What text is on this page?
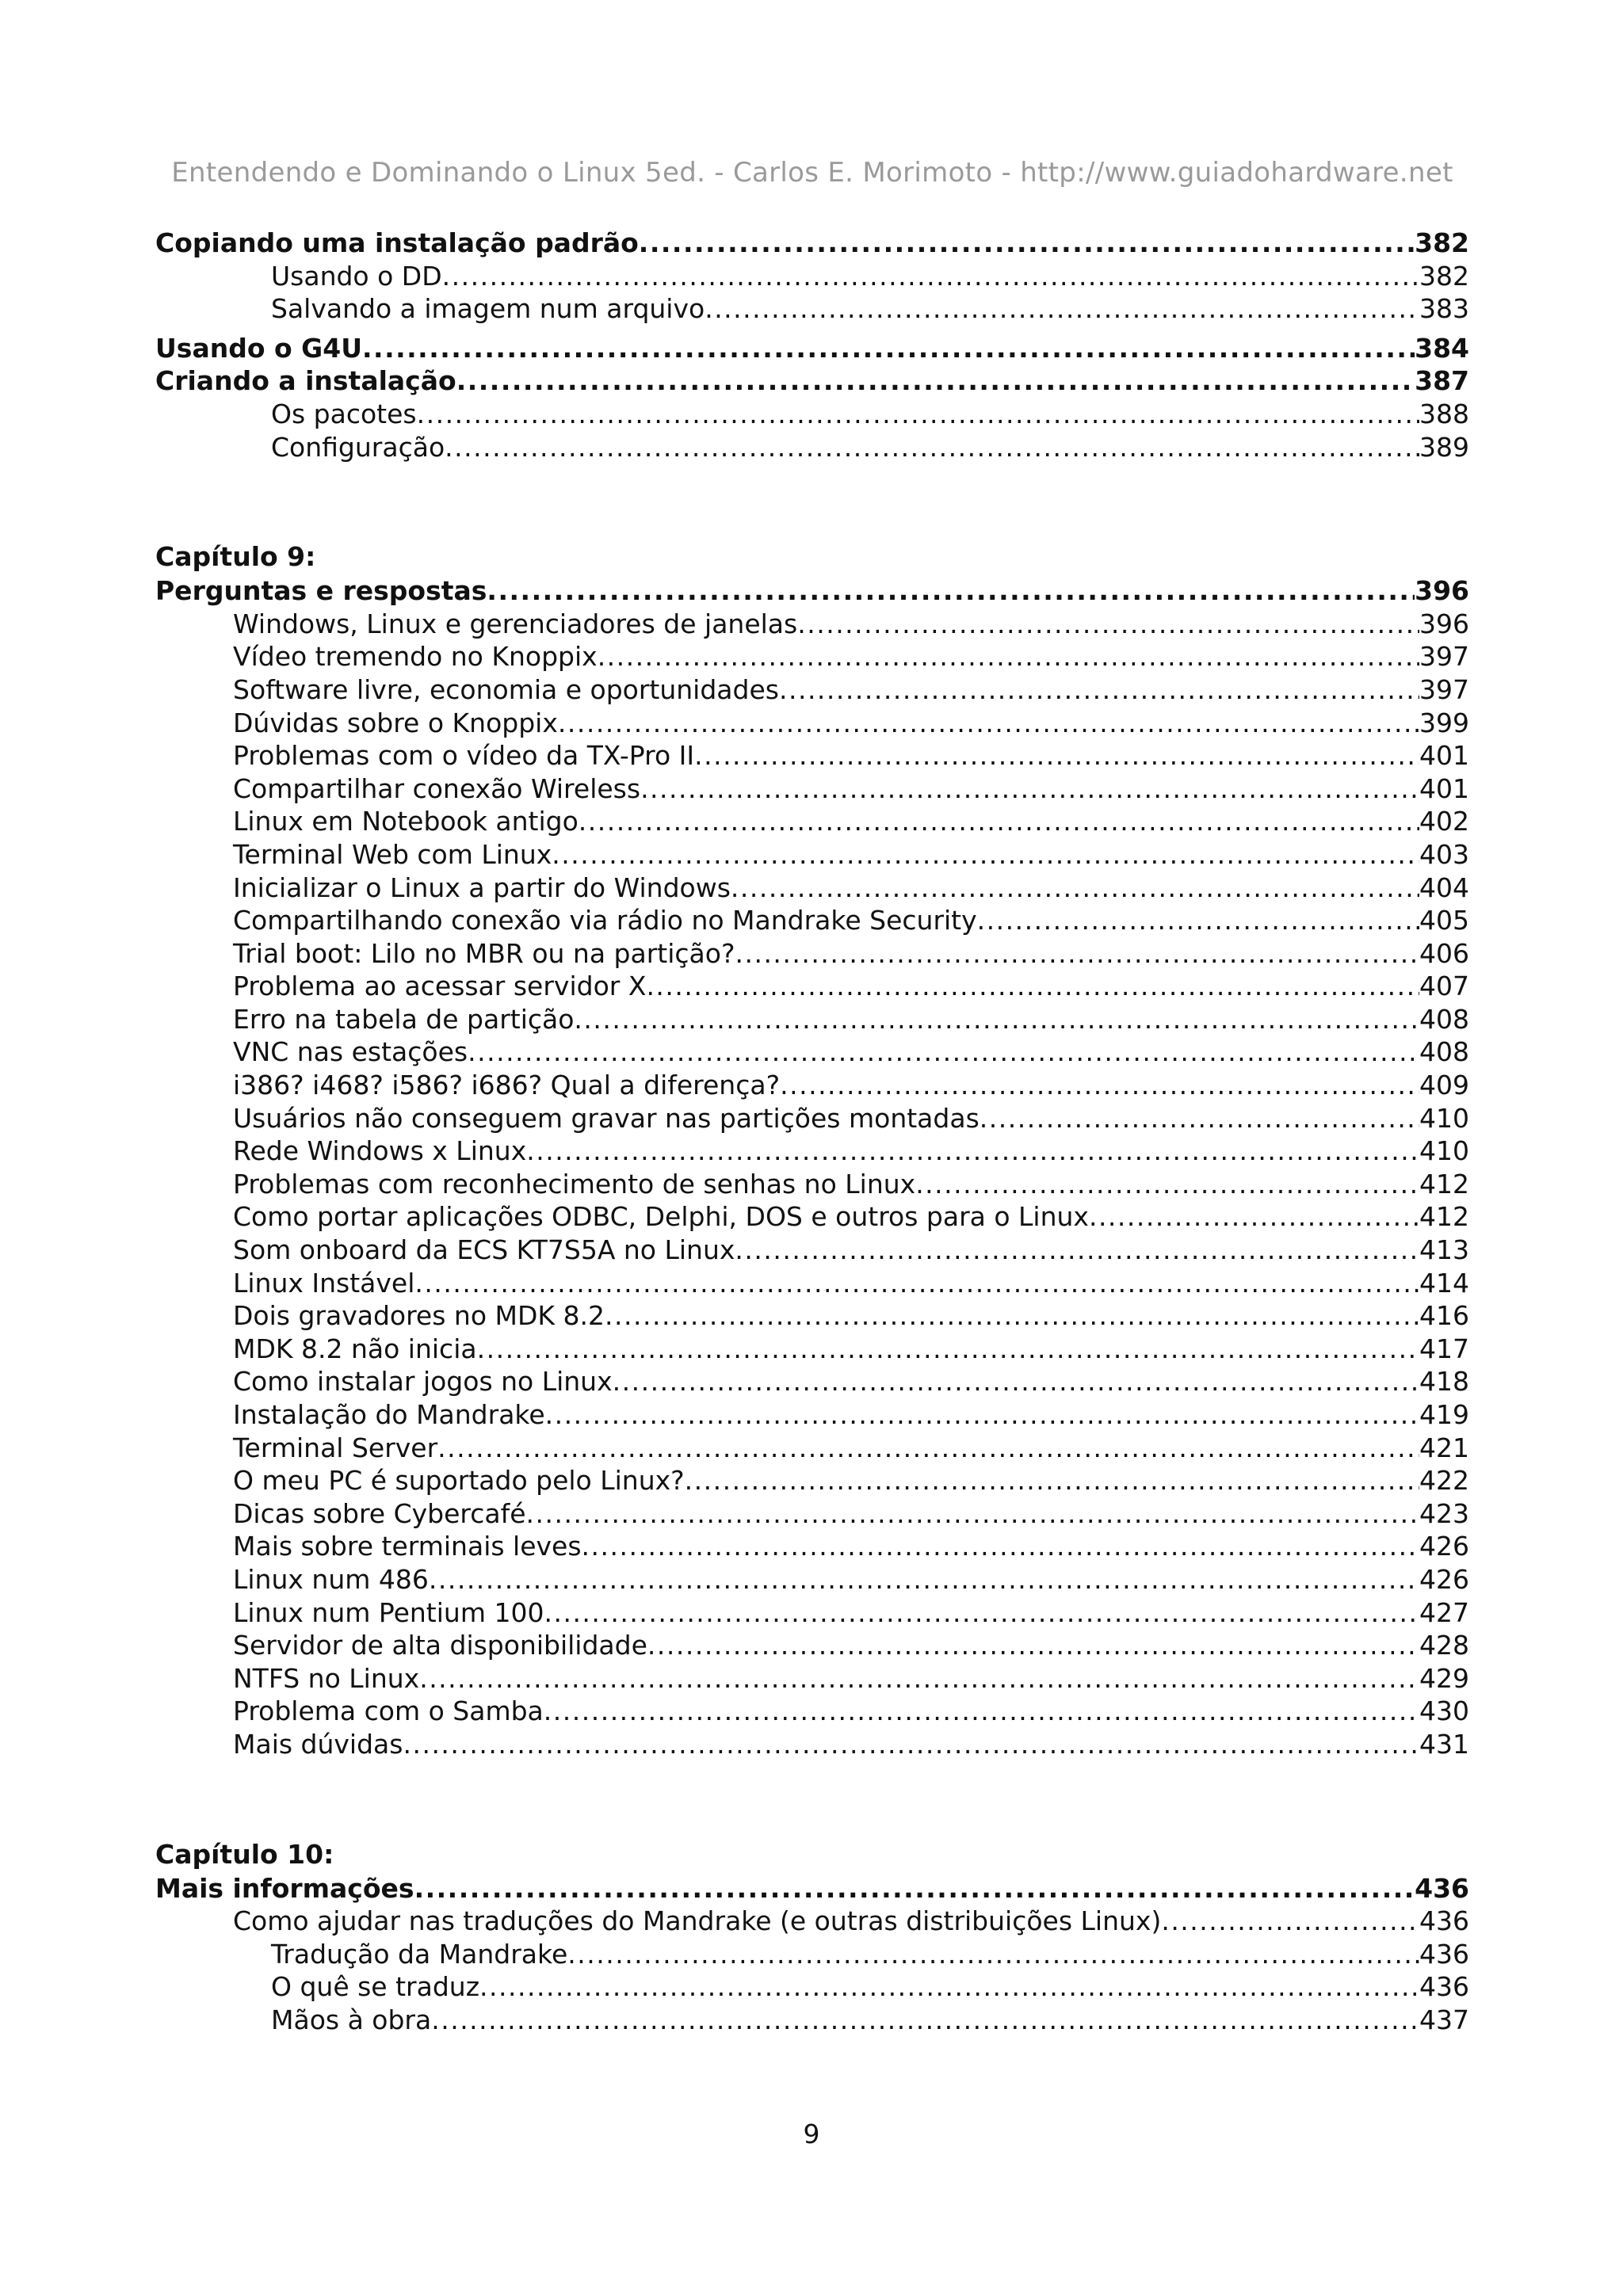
Entendendo e Dominando o Linux 5ed. - Carlos E. Morimoto - http://www.guiadohardware.net
Copiando uma instalação padrão .....	382
Usando o DD .....	382
Salvando a imagem num arquivo .....	383
Usando o G4U .....	384
Criando a instalação .....	387
Os pacotes .....	388
Configuração .....	389
Capítulo 9:
Perguntas e respostas .....	396
Windows, Linux e gerenciadores de janelas .....	396
Vídeo tremendo no Knoppix .....	397
Software livre, economia e oportunidades .....	397
Dúvidas sobre o Knoppix .....	399
Problemas com o vídeo da TX-Pro II .....	401
Compartilhar conexão Wireless .....	401
Linux em Notebook antigo .....	402
Terminal Web com Linux .....	403
Inicializar o Linux a partir do Windows .....	404
Compartilhando conexão via rádio no Mandrake Security .....	405
Trial boot: Lilo no MBR ou na partição? .....	406
Problema ao acessar servidor X .....	407
Erro na tabela de partição .....	408
VNC nas estações .....	408
i386? i468? i586? i686? Qual a diferença? .....	409
Usuários não conseguem gravar nas partições montadas .....	410
Rede Windows x Linux .....	410
Problemas com reconhecimento de senhas no Linux .....	412
Como portar aplicações ODBC, Delphi, DOS e outros para o Linux .....	412
Som onboard da ECS KT7S5A no Linux .....	413
Linux Instável .....	414
Dois gravadores no MDK 8.2 .....	416
MDK 8.2 não inicia .....	417
Como instalar jogos no Linux .....	418
Instalação do Mandrake .....	419
Terminal Server .....	421
O meu PC é suportado pelo Linux? .....	422
Dicas sobre Cybercafé .....	423
Mais sobre terminais leves .....	426
Linux num 486 .....	426
Linux num Pentium 100 .....	427
Servidor de alta disponibilidade .....	428
NTFS no Linux .....	429
Problema com o Samba .....	430
Mais dúvidas .....	431
Capítulo 10:
Mais informações .....	436
Como ajudar nas traduções do Mandrake (e outras distribuições Linux) .....	436
Tradução da Mandrake .....	436
O quê se traduz .....	436
Mãos à obra .....	437
9
